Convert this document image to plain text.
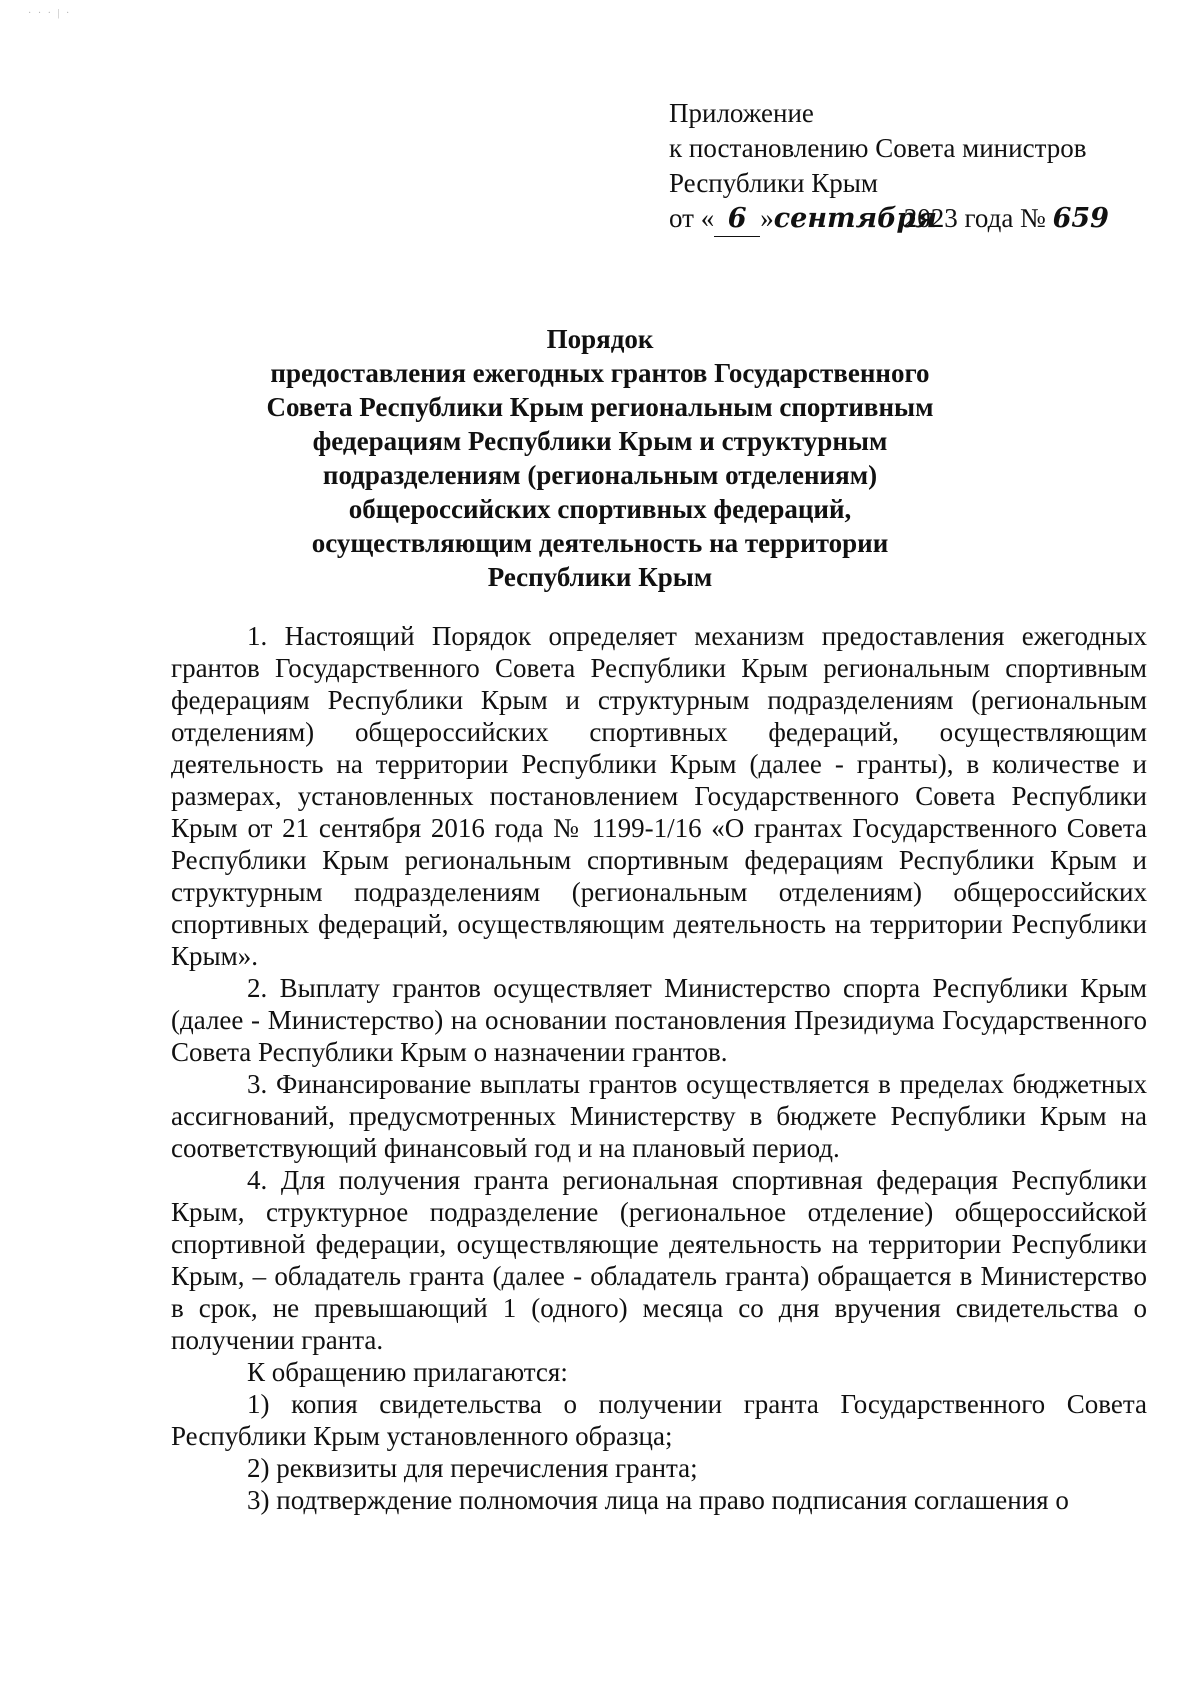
· · · | ·
Приложение
к постановлению Совета министров
Республики Крым
от « 6 »сентября2023 года № 659
Порядок
предоставления ежегодных грантов Государственного
Совета Республики Крым региональным спортивным
федерациям Республики Крым и структурным
подразделениям (региональным отделениям)
общероссийских спортивных федераций,
осуществляющим деятельность на территории
Республики Крым

1. Настоящий Порядок определяет механизм предоставления ежегодных грантов Государственного Совета Республики Крым региональным спортивным федерациям Республики Крым и структурным подразделениям (региональным отделениям) общероссийских спортивных федераций, осуществляющим деятельность на территории Республики Крым (далее - гранты), в количестве и размерах, установленных постановлением Государственного Совета Республики Крым от 21 сентября 2016 года № 1199-1/16 «О грантах Государственного Совета Республики Крым региональным спортивным федерациям Республики Крым и структурным подразделениям (региональным отделениям) общероссийских спортивных федераций, осуществляющим деятельность на территории Республики Крым».

2. Выплату грантов осуществляет Министерство спорта Республики Крым (далее - Министерство) на основании постановления Президиума Государственного Совета Республики Крым о назначении грантов.

3. Финансирование выплаты грантов осуществляется в пределах бюджетных ассигнований, предусмотренных Министерству в бюджете Республики Крым на соответствующий финансовый год и на плановый период.

4. Для получения гранта региональная спортивная федерация Республики Крым, структурное подразделение (региональное отделение) общероссийской спортивной федерации, осуществляющие деятельность на территории Республики Крым, – обладатель гранта (далее - обладатель гранта) обращается в Министерство в срок, не превышающий 1 (одного) месяца со дня вручения свидетельства о получении гранта.

К обращению прилагаются:

1) копия свидетельства о получении гранта Государственного Совета Республики Крым установленного образца;

2) реквизиты для перечисления гранта;

3) подтверждение полномочия лица на право подписания соглашения о
